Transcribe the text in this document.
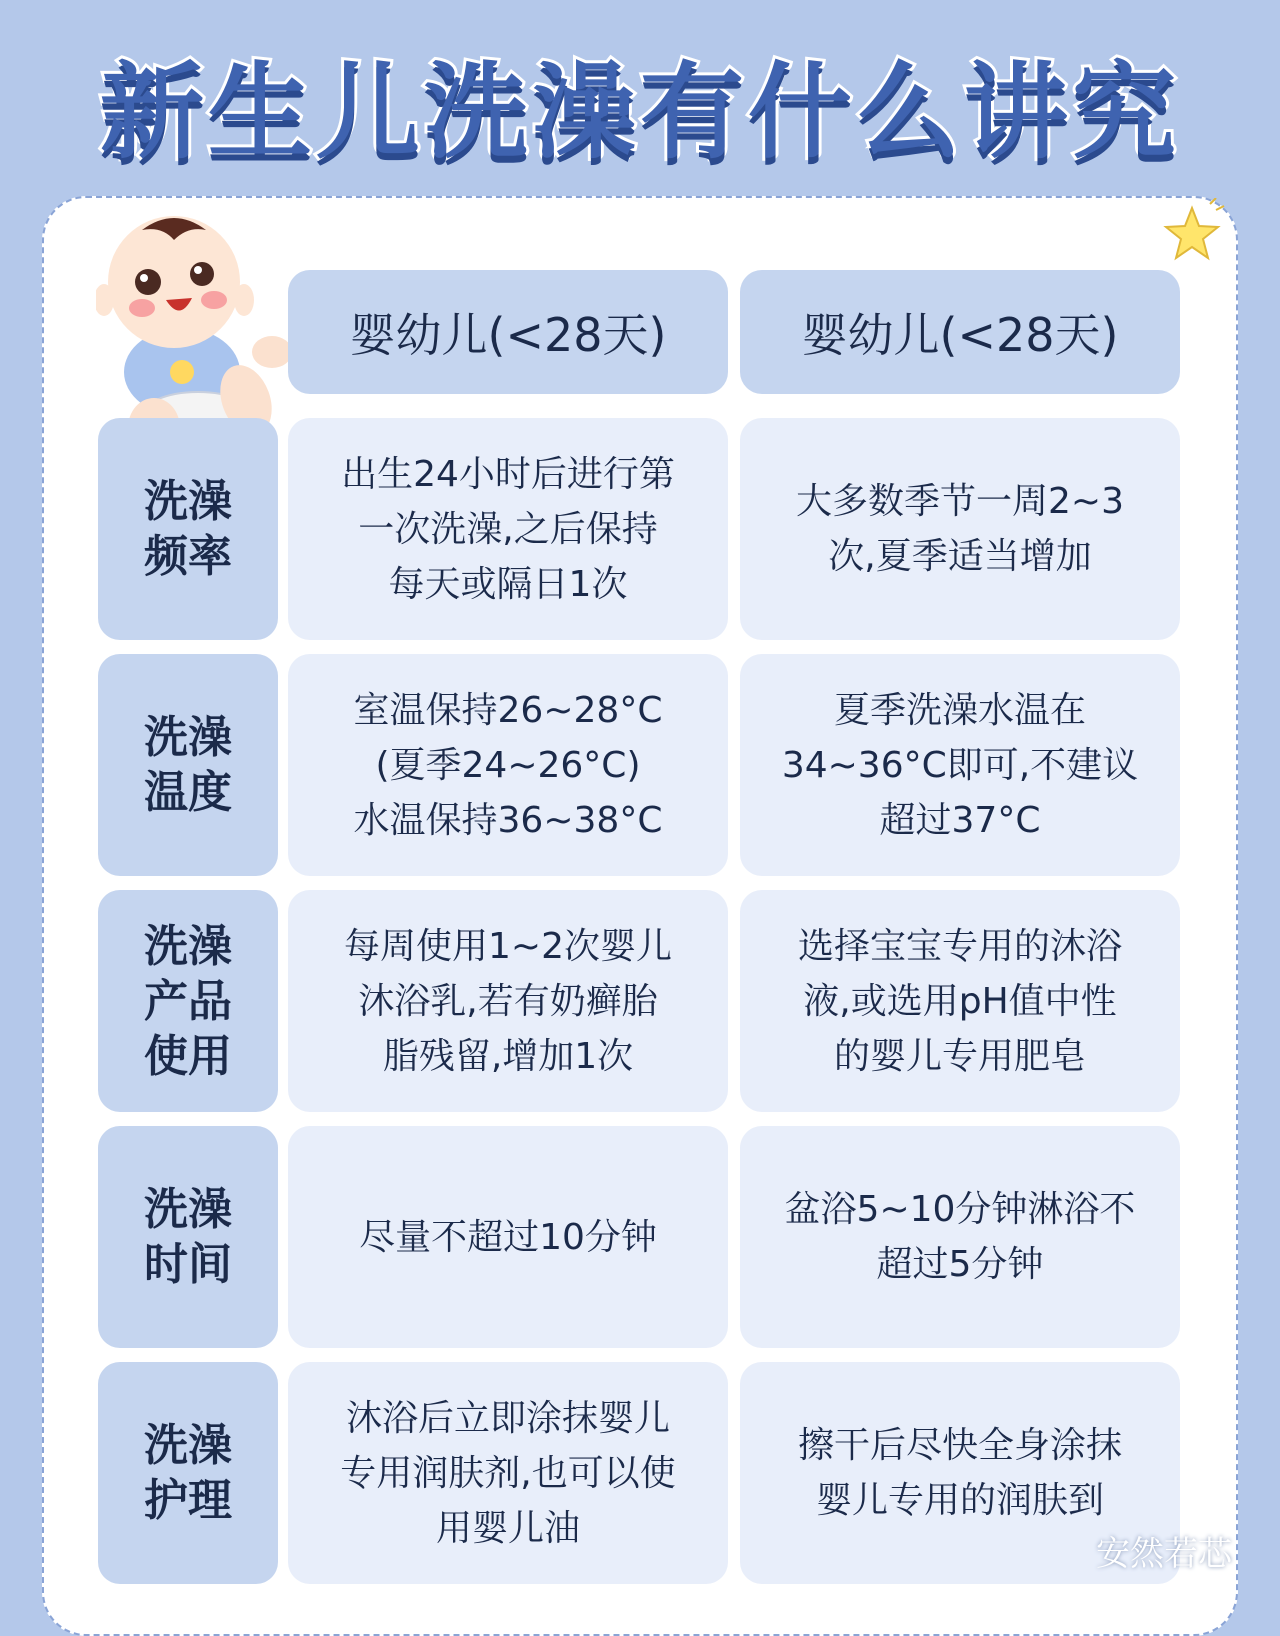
新生儿洗澡有什么讲究
婴幼儿(<28天)	婴幼儿(<28天)
洗澡
频率
出生24小时后进行第
一次洗澡,之后保持
每天或隔日1次
大多数季节一周2~3
次,夏季适当增加
洗澡
温度
室温保持26~28°C
(夏季24~26°C)
水温保持36~38°C
夏季洗澡水温在
34~36°C即可,不建议
超过37°C
洗澡
产品
使用
每周使用1~2次婴儿
沐浴乳,若有奶癣胎
脂残留,增加1次
选择宝宝专用的沐浴
液,或选用pH值中性
的婴儿专用肥皂
洗澡
时间
尽量不超过10分钟
盆浴5~10分钟淋浴不
超过5分钟
洗澡
护理
沐浴后立即涂抹婴儿
专用润肤剂,也可以使
用婴儿油
擦干后尽快全身涂抹
婴儿专用的润肤到
安然若芯
